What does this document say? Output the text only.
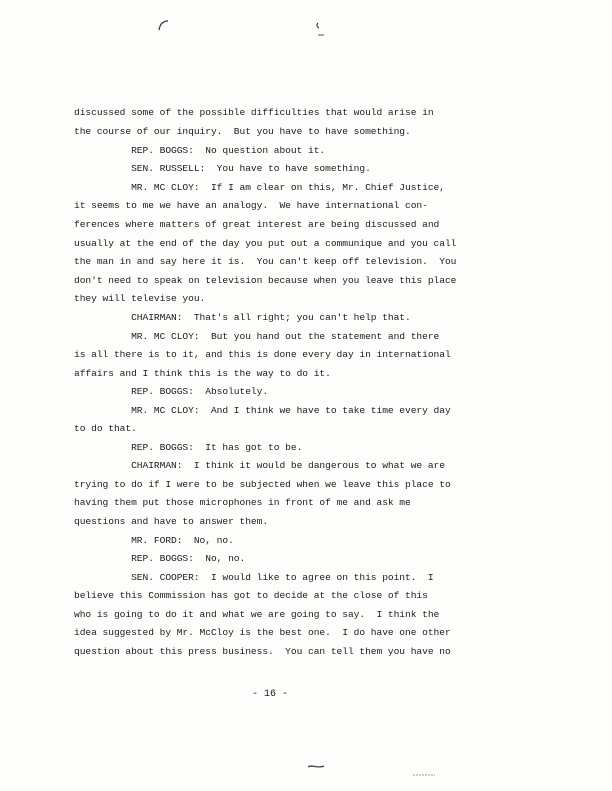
discussed some of the possible difficulties that would arise in
the course of our inquiry.  But you have to have something.
REP. BOGGS:  No question about it.
SEN. RUSSELL:  You have to have something.
MR. MC CLOY:  If I am clear on this, Mr. Chief Justice,
it seems to me we have an analogy.  We have international con-
ferences where matters of great interest are being discussed and
usually at the end of the day you put out a communique and you call
the man in and say here it is.  You can't keep off television.  You
don't need to speak on television because when you leave this place
they will televise you.
CHAIRMAN:  That's all right; you can't help that.
MR. MC CLOY:  But you hand out the statement and there
is all there is to it, and this is done every day in international
affairs and I think this is the way to do it.
REP. BOGGS:  Absolutely.
MR. MC CLOY:  And I think we have to take time every day
to do that.
REP. BOGGS:  It has got to be.
CHAIRMAN:  I think it would be dangerous to what we are
trying to do if I were to be subjected when we leave this place to
having them put those microphones in front of me and ask me
questions and have to answer them.
MR. FORD:  No, no.
REP. BOGGS:  No, no.
SEN. COOPER:  I would like to agree on this point.  I
believe this Commission has got to decide at the close of this
who is going to do it and what we are going to say.  I think the
idea suggested by Mr. McCloy is the best one.  I do have one other
question about this press business.  You can tell them you have no
- 16 -
